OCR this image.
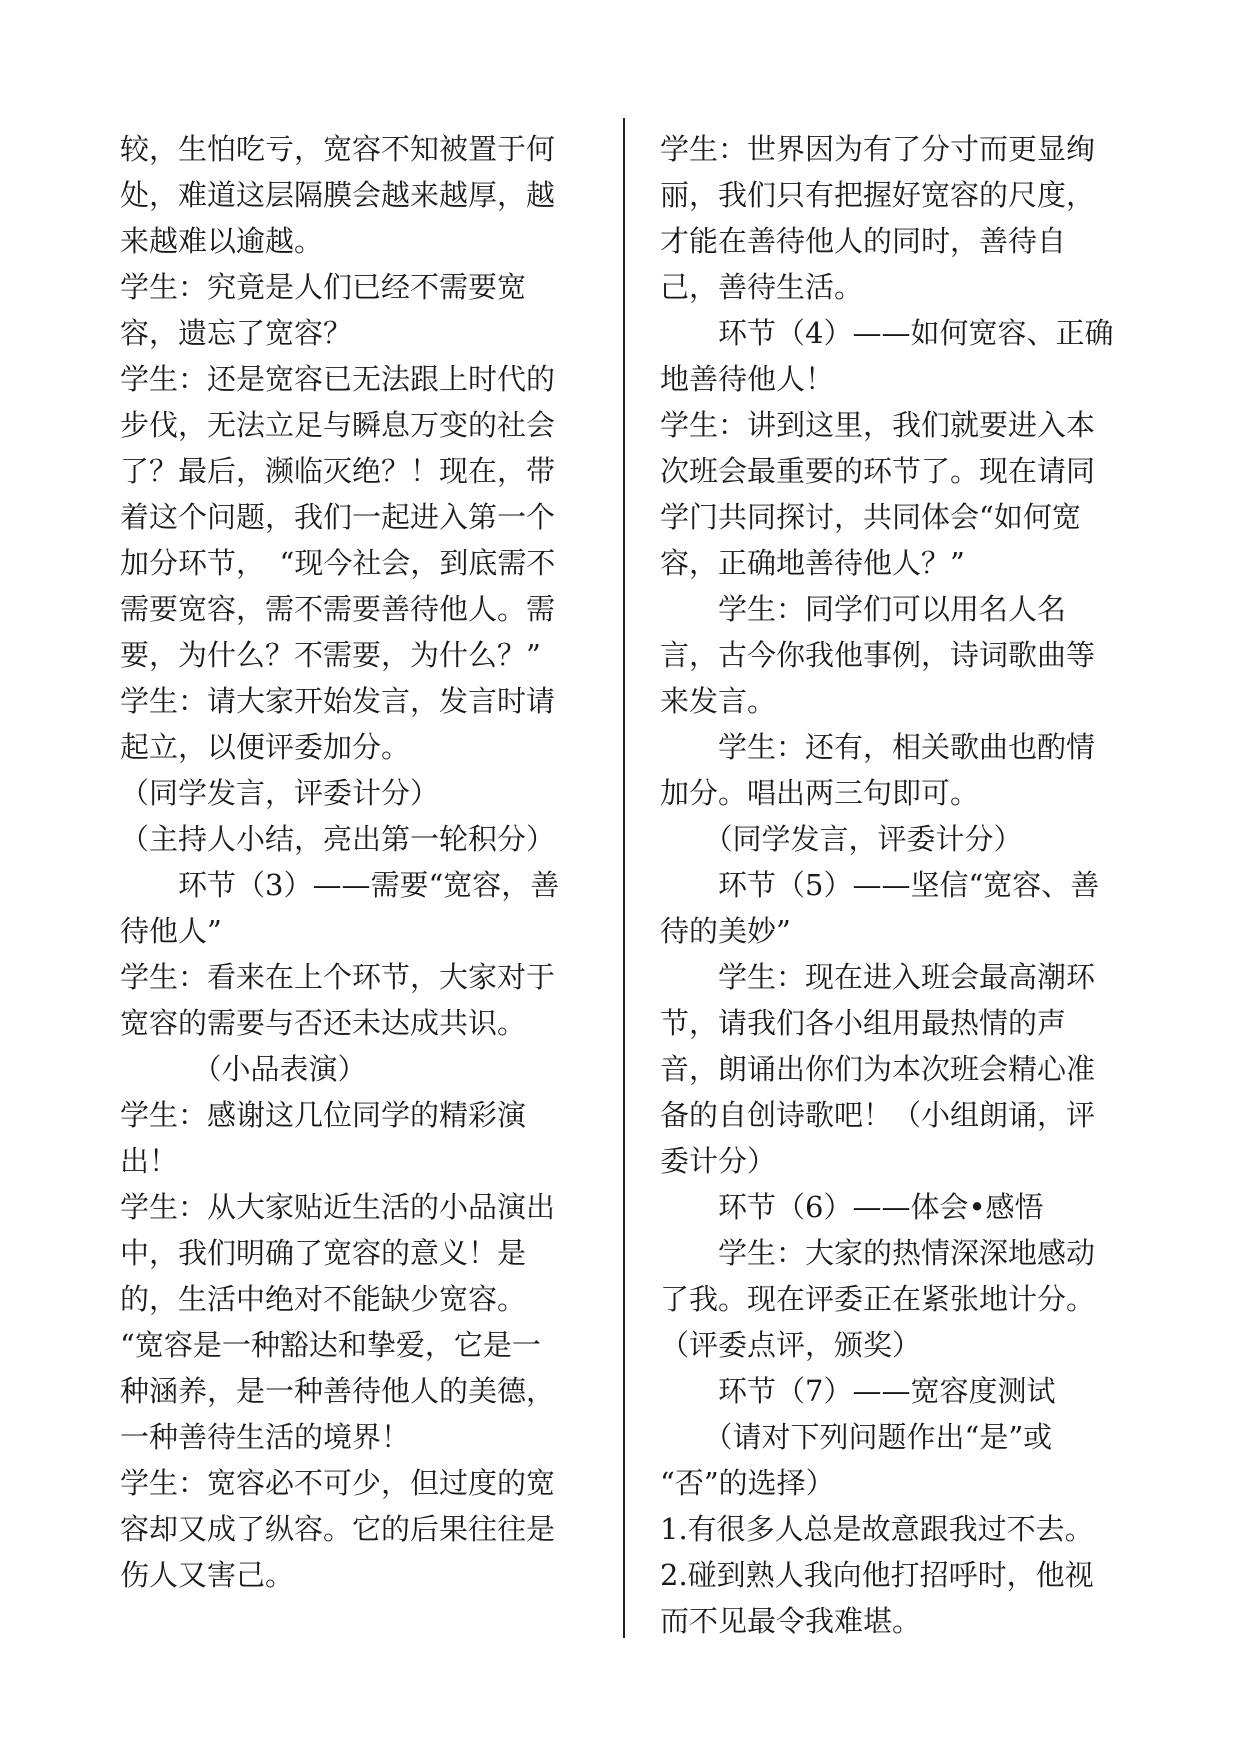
较，生怕吃亏，宽容不知被置于何
处，难道这层隔膜会越来越厚，越
来越难以逾越。
学生：究竟是人们已经不需要宽
容，遗忘了宽容？
学生：还是宽容已无法跟上时代的
步伐，无法立足与瞬息万变的社会
了？最后，濒临灭绝？！现在，带
着这个问题，我们一起进入第一个
加分环节，　“现今社会，到底需不
需要宽容，需不需要善待他人。需
要，为什么？不需要，为什么？”
学生：请大家开始发言，发言时请
起立，以便评委加分。
（同学发言，评委计分）
（主持人小结，亮出第一轮积分）
　　环节（3）——需要“宽容，善
待他人”
学生：看来在上个环节，大家对于
宽容的需要与否还未达成共识。
　　　（小品表演）
学生：感谢这几位同学的精彩演
出！
学生：从大家贴近生活的小品演出
中，我们明确了宽容的意义！是
的，生活中绝对不能缺少宽容。
“宽容是一种豁达和挚爱，它是一
种涵养，是一种善待他人的美德，
一种善待生活的境界！
学生：宽容必不可少，但过度的宽
容却又成了纵容。它的后果往往是
伤人又害己。
学生：世界因为有了分寸而更显绚
丽，我们只有把握好宽容的尺度，
才能在善待他人的同时，善待自
己，善待生活。
　　环节（4）——如何宽容、正确
地善待他人！
学生：讲到这里，我们就要进入本
次班会最重要的环节了。现在请同
学门共同探讨，共同体会“如何宽
容，正确地善待他人？”
　　学生：同学们可以用名人名
言，古今你我他事例，诗词歌曲等
来发言。
　　学生：还有，相关歌曲也酌情
加分。唱出两三句即可。
　　（同学发言，评委计分）
　　环节（5）——坚信“宽容、善
待的美妙”
　　学生：现在进入班会最高潮环
节，请我们各小组用最热情的声
音，朗诵出你们为本次班会精心准
备的自创诗歌吧！（小组朗诵，评
委计分）
　　环节（6）——体会•感悟
　　学生：大家的热情深深地感动
了我。现在评委正在紧张地计分。
（评委点评，颁奖）
　　环节（7）——宽容度测试
　　（请对下列问题作出“是”或
“否”的选择）
1.有很多人总是故意跟我过不去。
2.碰到熟人我向他打招呼时，他视
而不见最令我难堪。
